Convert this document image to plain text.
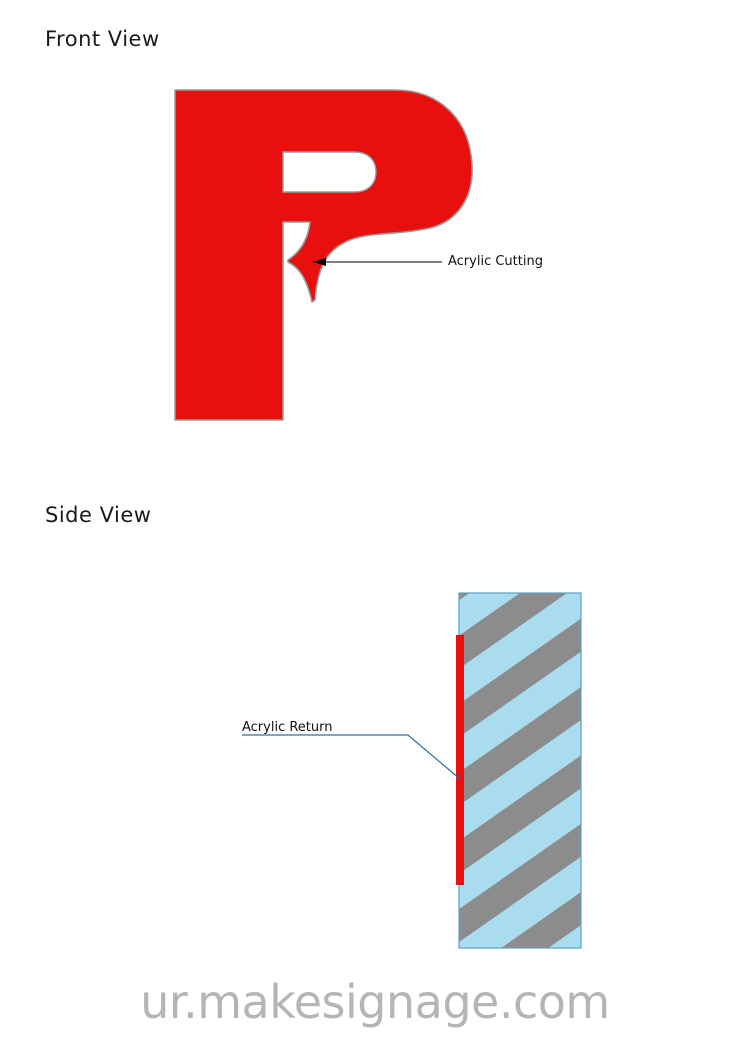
Front View
Side View
Acrylic Cutting
Acrylic Return
ur.makesignage.com
